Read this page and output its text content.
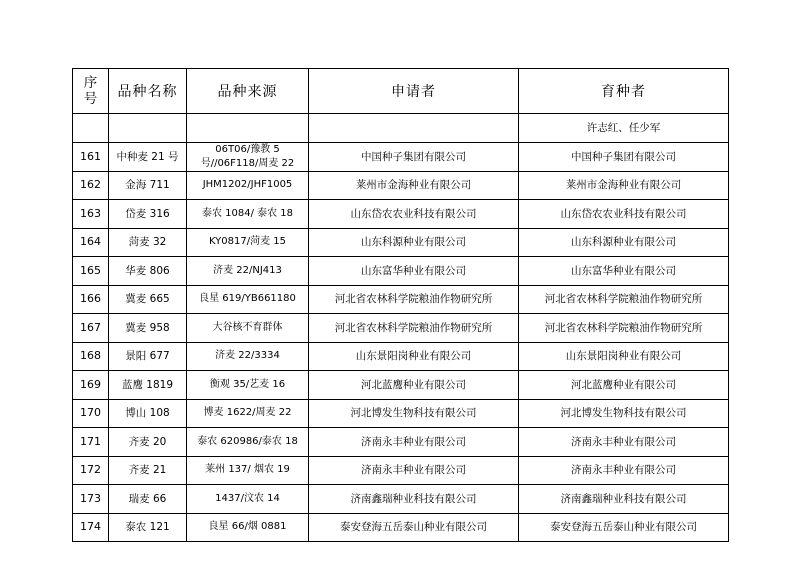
序
号	品种名称	品种来源	申请者	育种者
				许志红、任少军
161	中种麦 21 号	06T06/豫教 5 号//06F118/周麦 22	中国种子集团有限公司	中国种子集团有限公司
162	金海 711	JHM1202/JHF1005	莱州市金海种业有限公司	莱州市金海种业有限公司
163	岱麦 316	泰农 1084/ 泰农 18	山东岱农农业科技有限公司	山东岱农农业科技有限公司
164	菏麦 32	KY0817/菏麦 15	山东科源种业有限公司	山东科源种业有限公司
165	华麦 806	济麦 22/NJ413	山东富华种业有限公司	山东富华种业有限公司
166	冀麦 665	良星 619/YB661180	河北省农林科学院粮油作物研究所	河北省农林科学院粮油作物研究所
167	冀麦 958	大谷核不育群体	河北省农林科学院粮油作物研究所	河北省农林科学院粮油作物研究所
168	景阳 677	济麦 22/3334	山东景阳岗种业有限公司	山东景阳岗种业有限公司
169	蓝鹰 1819	衡观 35/艺麦 16	河北蓝鹰种业有限公司	河北蓝鹰种业有限公司
170	博山 108	博麦 1622/周麦 22	河北博发生物科技有限公司	河北博发生物科技有限公司
171	齐麦 20	泰农 620986/泰农 18	济南永丰种业有限公司	济南永丰种业有限公司
172	齐麦 21	莱州 137/ 烟农 19	济南永丰种业有限公司	济南永丰种业有限公司
173	瑞麦 66	1437/汶农 14	济南鑫瑞种业科技有限公司	济南鑫瑞种业科技有限公司
174	泰农 121	良星 66/烟 0881	泰安登海五岳泰山种业有限公司	泰安登海五岳泰山种业有限公司
